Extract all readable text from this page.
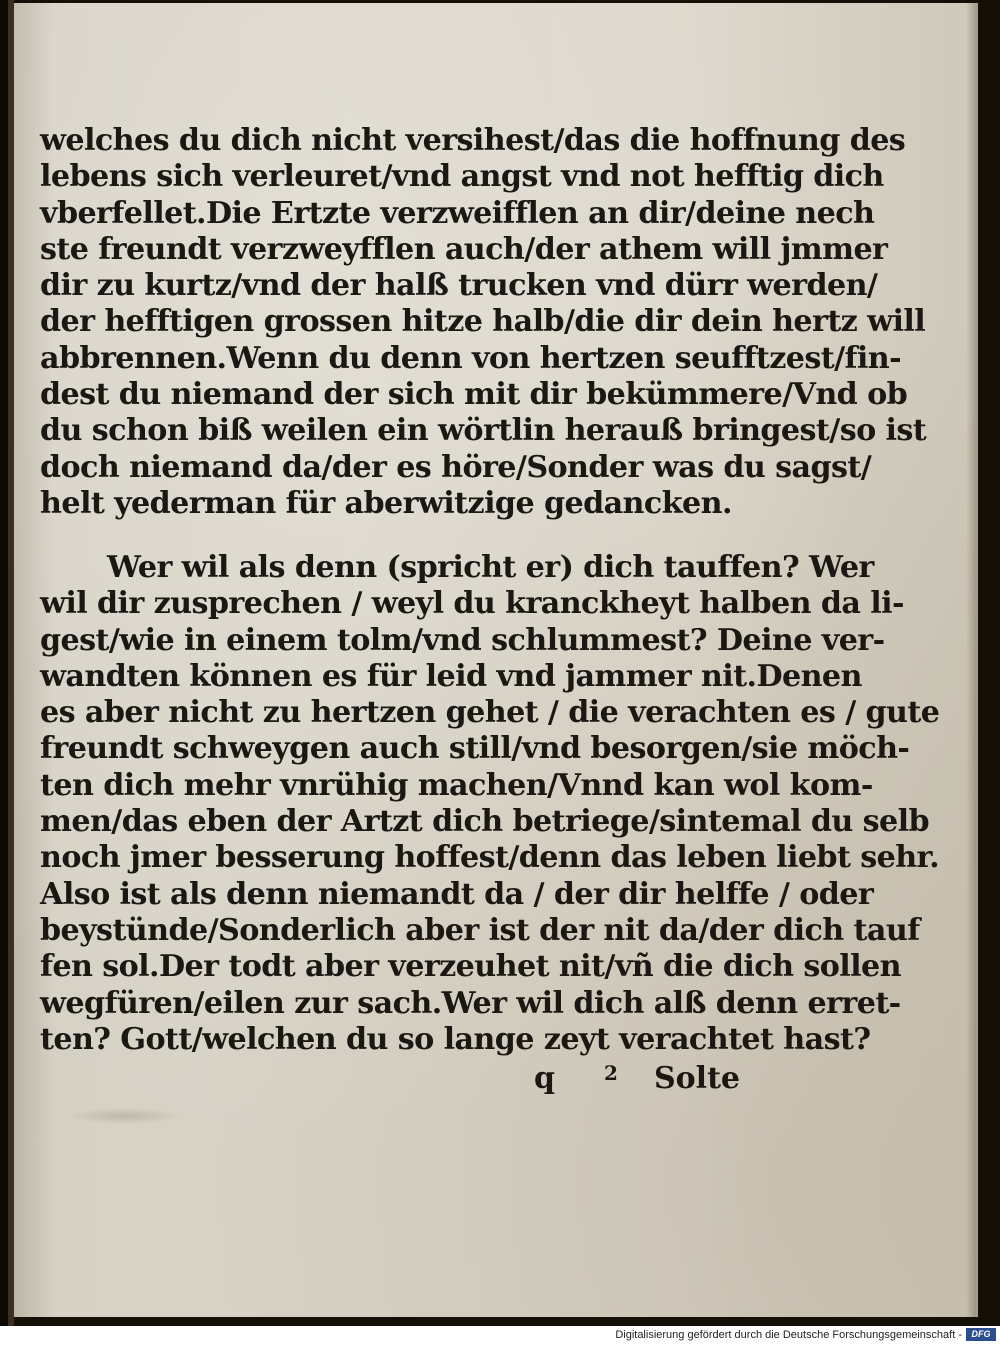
welches du dich nicht versihest/das die hoffnung des
lebens sich verleuret/vnd angst vnd not hefftig dich
vberfellet.Die Ertzte verzweifflen an dir/deine nech
ste freundt verzweyfflen auch/der athem will jmmer
dir zu kurtz/vnd der halß trucken vnd dürr werden/
der hefftigen grossen hitze halb/die dir dein hertz will
abbrennen.Wenn du denn von hertzen seufftzest/fin-
dest du niemand der sich mit dir bekümmere/Vnd ob
du schon biß weilen ein wörtlin herauß bringest/so ist
doch niemand da/der es höre/Sonder was du sagst/
helt yederman für aberwitzige gedancken.
Wer wil als denn (spricht er) dich tauffen? Wer
wil dir zusprechen / weyl du kranckheyt halben da li-
gest/wie in einem tolm/vnd schlummest? Deine ver-
wandten können es für leid vnd jammer nit.Denen
es aber nicht zu hertzen gehet / die verachten es / gute
freundt schweygen auch still/vnd besorgen/sie möch-
ten dich mehr vnrühig machen/Vnnd kan wol kom-
men/das eben der Artzt dich betriege/sintemal du selb
noch jmer besserung hoffest/denn das leben liebt sehr.
Also ist als denn niemandt da / der dir helffe / oder
beystünde/Sonderlich aber ist der nit da/der dich tauf
fen sol.Der todt aber verzeuhet nit/vñ die dich sollen
wegfüren/eilen zur sach.Wer wil dich alß denn erret-
ten? Gott/welchen du so lange zeyt verachtet hast?
q 2 Solte
Digitalisierung gefördert durch die Deutsche Forschungsgemeinschaft -	DFG
